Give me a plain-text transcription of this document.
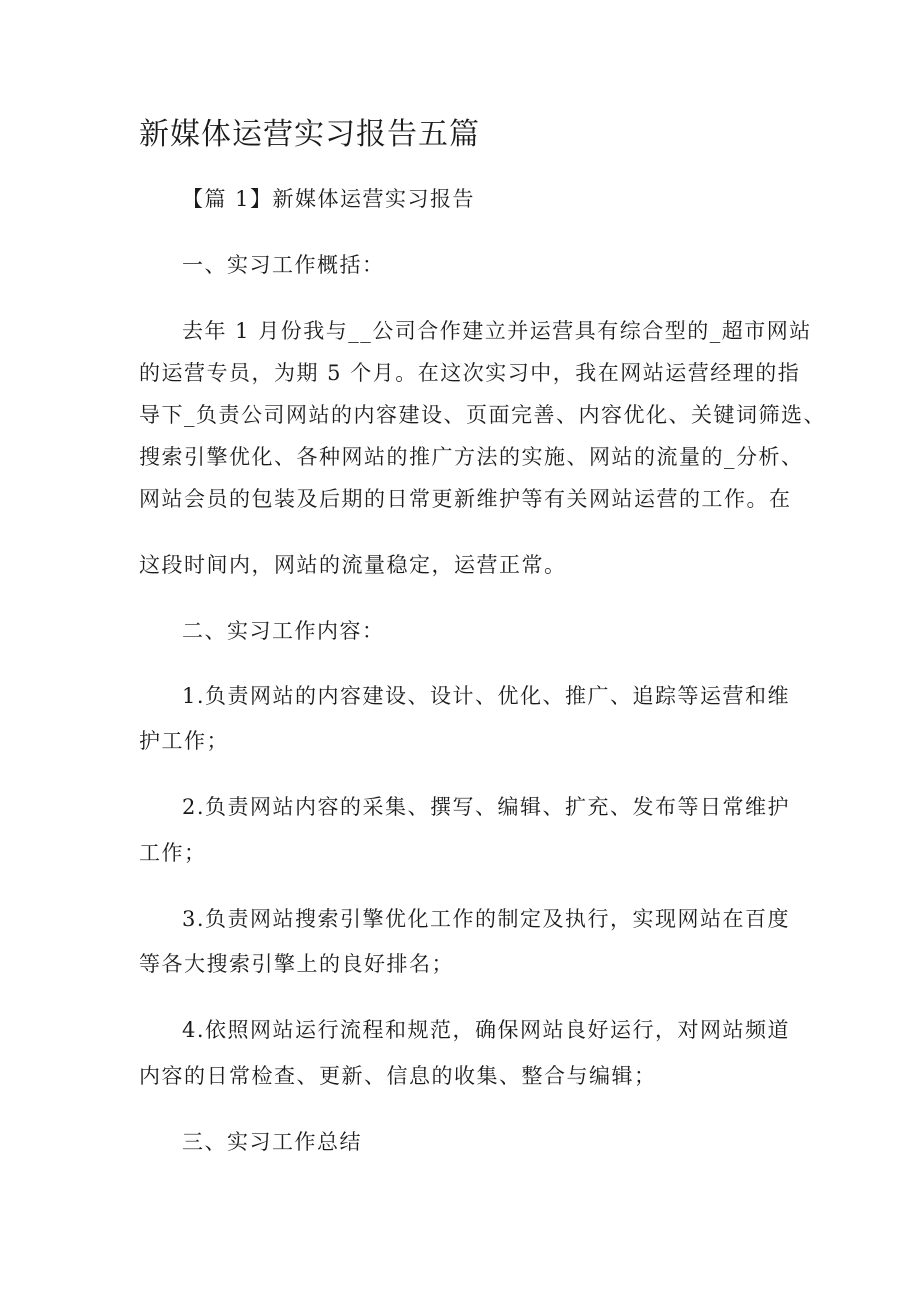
新媒体运营实习报告五篇
【篇 1】新媒体运营实习报告
一、实习工作概括：
去年 1 月份我与__公司合作建立并运营具有综合型的_超市网站
的运营专员，为期 5 个月。在这次实习中，我在网站运营经理的指
导下_负责公司网站的内容建设、页面完善、内容优化、关键词筛选、
搜索引擎优化、各种网站的推广方法的实施、网站的流量的_分析、
网站会员的包装及后期的日常更新维护等有关网站运营的工作。在
这段时间内，网站的流量稳定，运营正常。
二、实习工作内容：
1.负责网站的内容建设、设计、优化、推广、追踪等运营和维
护工作；
2.负责网站内容的采集、撰写、编辑、扩充、发布等日常维护
工作；
3.负责网站搜索引擎优化工作的制定及执行，实现网站在百度
等各大搜索引擎上的良好排名；
4.依照网站运行流程和规范，确保网站良好运行，对网站频道
内容的日常检查、更新、信息的收集、整合与编辑；
三、实习工作总结
